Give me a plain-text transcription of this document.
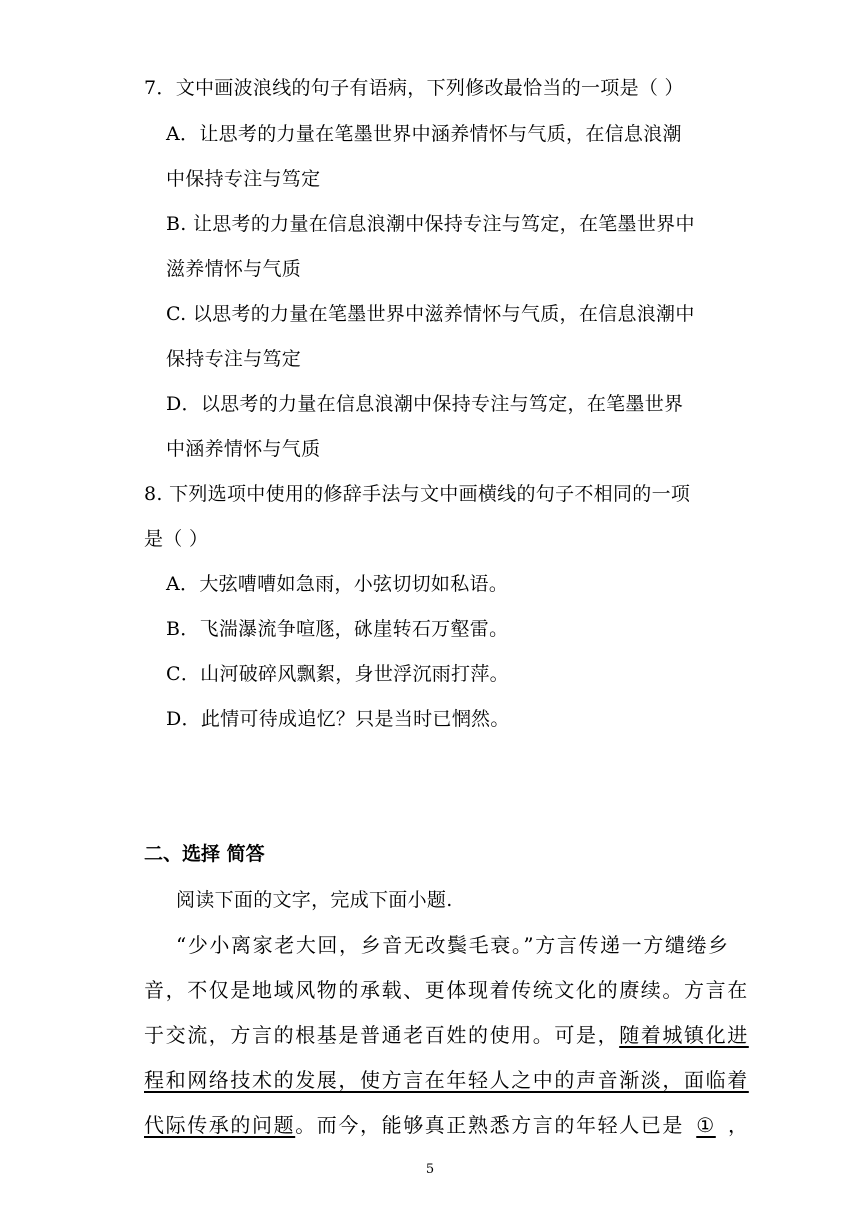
7．文中画波浪线的句子有语病，下列修改最恰当的一项是（ ）
A．让思考的力量在笔墨世界中涵养情怀与气质，在信息浪潮
中保持专注与笃定
B. 让思考的力量在信息浪潮中保持专注与笃定，在笔墨世界中
滋养情怀与气质
C. 以思考的力量在笔墨世界中滋养情怀与气质，在信息浪潮中
保持专注与笃定
D．以思考的力量在信息浪潮中保持专注与笃定，在笔墨世界
中涵养情怀与气质
8. 下列选项中使用的修辞手法与文中画横线的句子不相同的一项
是（ ）
A．大弦嘈嘈如急雨，小弦切切如私语。
B．飞湍瀑流争喧豗，砯崖转石万壑雷。
C．山河破碎风飘絮，身世浮沉雨打萍。
D．此情可待成追忆？只是当时已惘然。
二、选择 简答
阅读下面的文字，完成下面小题.
“少小离家老大回，乡音无改鬓毛衰。”方言传递一方缱绻乡
音，不仅是地域风物的承载、更体现着传统文化的赓续。方言在
于交流，方言的根基是普通老百姓的使用。可是，随着城镇化进
程和网络技术的发展，使方言在年轻人之中的声音渐淡，面临着
代际传承的问题。而今，能够真正熟悉方言的年轻人已是 ① ，
5
